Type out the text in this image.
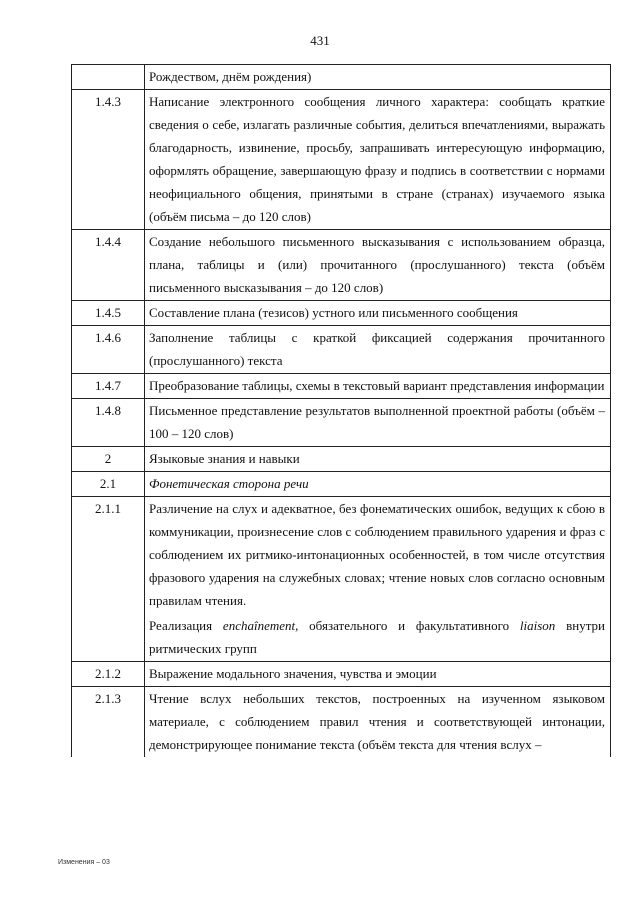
431
	Рождеством, днём рождения)
1.4.3	Написание электронного сообщения личного характера: сообщать краткие сведения о себе, излагать различные события, делиться впечатлениями, выражать благодарность, извинение, просьбу, запрашивать интересующую информацию, оформлять обращение, завершающую фразу и подпись в соответствии с нормами неофициального общения, принятыми в стране (странах) изучаемого языка (объём письма – до 120 слов)
1.4.4	Создание небольшого письменного высказывания с использованием образца, плана, таблицы и (или) прочитанного (прослушанного) текста (объём письменного высказывания – до 120 слов)
1.4.5	Составление плана (тезисов) устного или письменного сообщения
1.4.6	Заполнение таблицы с краткой фиксацией содержания прочитанного (прослушанного) текста
1.4.7	Преобразование таблицы, схемы в текстовый вариант представления информации
1.4.8	Письменное представление результатов выполненной проектной работы (объём – 100 – 120 слов)
2	Языковые знания и навыки
2.1	Фонетическая сторона речи
2.1.1	Различение на слух и адекватное, без фонематических ошибок, ведущих к сбою в коммуникации, произнесение слов с соблюдением правильного ударения и фраз с соблюдением их ритмико-интонационных особенностей, в том числе отсутствия фразового ударения на служебных словах; чтение новых слов согласно основным правилам чтения.
Реализация enchaînement, обязательного и факультативного liaison внутри ритмических групп

2.1.2	Выражение модального значения, чувства и эмоции
2.1.3	Чтение вслух небольших текстов, построенных на изученном языковом материале, с соблюдением правил чтения и соответствующей интонации, демонстрирующее понимание текста (объём текста для чтения вслух –
Изменения – 03
